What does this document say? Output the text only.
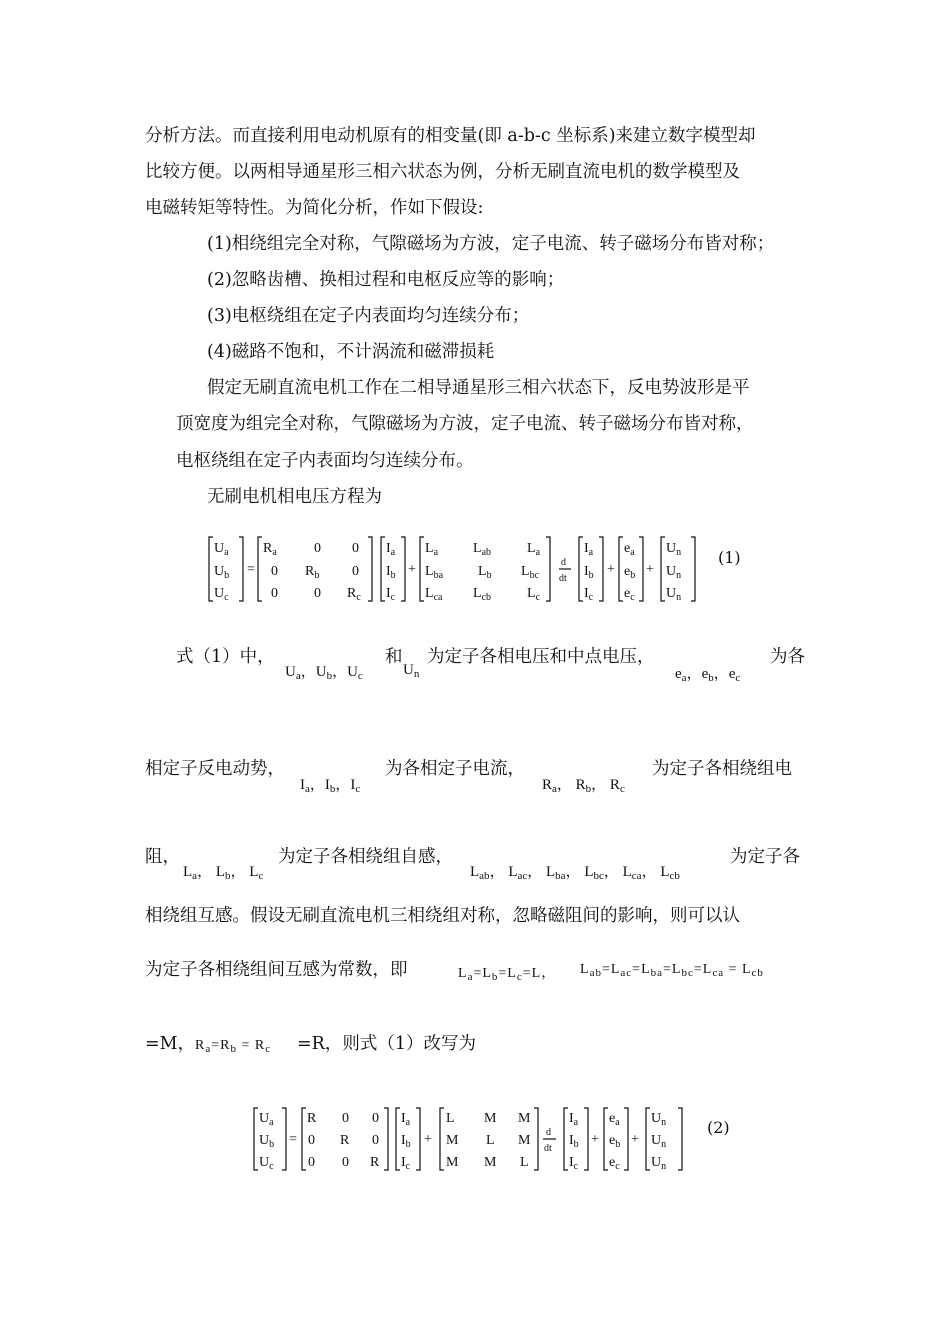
分析方法。而直接利用电动机原有的相变量(即 a-b-c 坐标系)来建立数字模型却
比较方便。以两相导通星形三相六状态为例，分析无刷直流电机的数学模型及
电磁转矩等特性。为简化分析，作如下假设:
(1)相绕组完全对称，气隙磁场为方波，定子电流、转子磁场分布皆对称；
(2)忽略齿槽、换相过程和电枢反应等的影响；
(3)电枢绕组在定子内表面均匀连续分布；
(4)磁路不饱和，不计涡流和磁滞损耗
假定无刷直流电机工作在二相导通星形三相六状态下，反电势波形是平
顶宽度为组完全对称，气隙磁场为方波，定子电流、转子磁场分布皆对称，
电枢绕组在定子内表面均匀连续分布。
无刷电机相电压方程为
$U_a$
$U_b$
$U_c$
=
$R_a$	0 0
0 $R_b$ 0
0	0 $R_c$
$I_a$
$I_b$
$I_c$
+
$L_a$ $L_{ab}$	$L_a$
$L_{ba}$ $L_b$ $L_{bc}$
$L_{ca}$ $L_{cb}$	$L_c$
d
dt
$I_a$
$I_b$
$I_c$
+
$e_a$
$e_b$
$e_c$
+
$U_n$
$U_n$
$U_n$
(1)
式（1）中，
$U_a$，$U_b$，$U_c$
和
$U_n$
为定子各相电压和中点电压，
$e_a$，$e_b$，$e_c$
为各
相定子反电动势，
$I_a$，$I_b$，$I_c$
为各相定子电流，
$R_a$， $R_b$， $R_c$
为定子各相绕组电
阻，
$L_a$， $L_b$， $L_c$
为定子各相绕组自感，
$L_{ab}$， $L_{ac}$， $L_{ba}$， $L_{bc}$， $L_{ca}$， $L_{cb}$
为定子各
相绕组互感。假设无刷直流电机三相绕组对称，忽略磁阻间的影响，则可以认
为定子各相绕组间互感为常数，即	$L_a=L_b=L_c=L$， $L_{ab}=L_{ac}=L_{ba}=L_{bc}=L_{ca} = L_{cb}$
=M， $R_a=R_b = R_c =R$，则式（1）改写为
$U_a$
$U_b$
$U_c$
=
R 0 0
0 R 0
0 0 R
$I_a$
$I_b$
$I_c$
+
L M M
M L M
M M L
d
dt
$I_a$
$I_b$
$I_c$
+
$e_a$
$e_b$
$e_c$
+
$U_n$
$U_n$
$U_n$
(2)
